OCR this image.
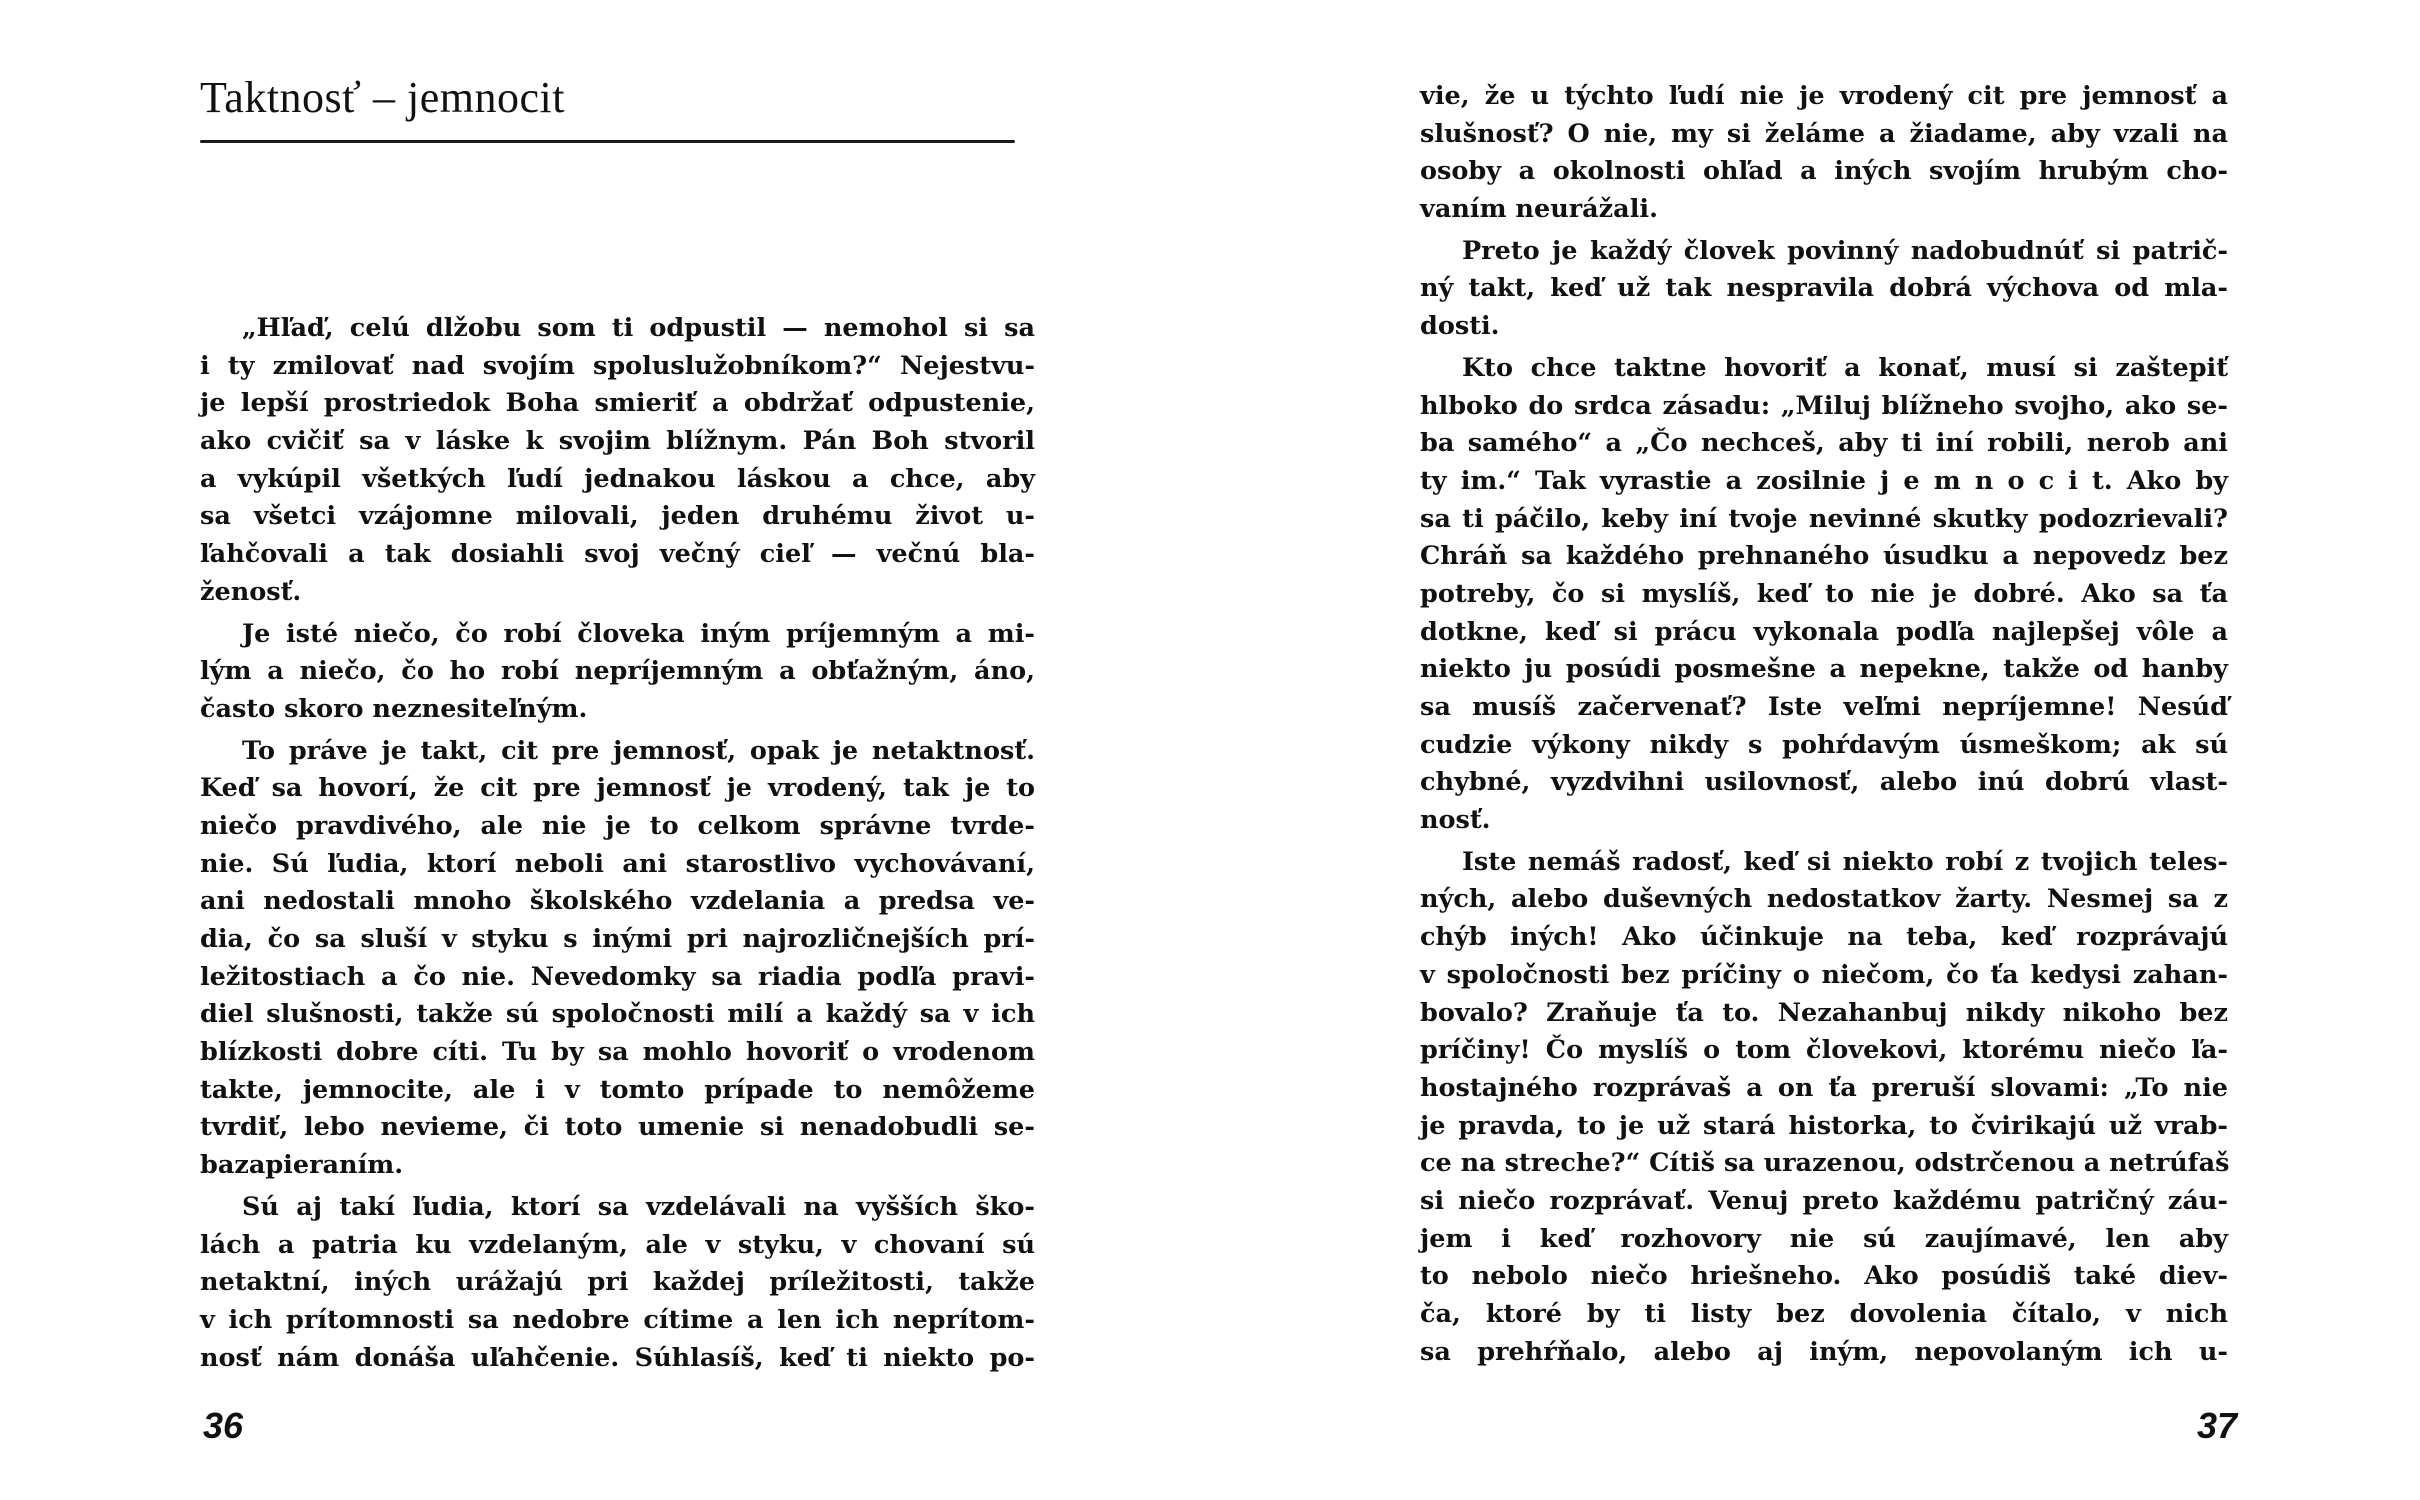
Taktnosť – jemnocit
„Hľaď, celú dlžobu som ti odpustil — nemohol si sa
i ty zmilovať nad svojím spoluslužobníkom?“ Nejestvu-
je lepší prostriedok Boha smieriť a obdržať odpustenie,
ako cvičiť sa v láske k svojim blížnym. Pán Boh stvoril
a vykúpil všetkých ľudí jednakou láskou a chce, aby
sa všetci vzájomne milovali, jeden druhému život u-
ľahčovali a tak dosiahli svoj večný cieľ — večnú bla-
ženosť.
Je isté niečo, čo robí človeka iným príjemným a mi-
lým a niečo, čo ho robí nepríjemným a obťažným, áno,
často skoro neznesiteľným.
To práve je takt, cit pre jemnosť, opak je netaktnosť.
Keď sa hovorí, že cit pre jemnosť je vrodený, tak je to
niečo pravdivého, ale nie je to celkom správne tvrde-
nie. Sú ľudia, ktorí neboli ani starostlivo vychovávaní,
ani nedostali mnoho školského vzdelania a predsa ve-
dia, čo sa sluší v styku s inými pri najrozličnejších prí-
ležitostiach a čo nie. Nevedomky sa riadia podľa pravi-
diel slušnosti, takže sú spoločnosti milí a každý sa v ich
blízkosti dobre cíti. Tu by sa mohlo hovoriť o vrodenom
takte, jemnocite, ale i v tomto prípade to nemôžeme
tvrdiť, lebo nevieme, či toto umenie si nenadobudli se-
bazapieraním.
Sú aj takí ľudia, ktorí sa vzdelávali na vyšších ško-
lách a patria ku vzdelaným, ale v styku, v chovaní sú
netaktní, iných urážajú pri každej príležitosti, takže
v ich prítomnosti sa nedobre cítime a len ich neprítom-
nosť nám donáša uľahčenie. Súhlasíš, keď ti niekto po-
36
vie, že u týchto ľudí nie je vrodený cit pre jemnosť a
slušnosť? O nie, my si želáme a žiadame, aby vzali na
osoby a okolnosti ohľad a iných svojím hrubým cho-
vaním neurážali.
Preto je každý človek povinný nadobudnúť si patrič-
ný takt, keď už tak nespravila dobrá výchova od mla-
dosti.
Kto chce taktne hovoriť a konať, musí si zaštepiť
hlboko do srdca zásadu: „Miluj blížneho svojho, ako se-
ba samého“ a „Čo nechceš, aby ti iní robili, nerob ani
ty im.“ Tak vyrastie a zosilnie j e m n o c i t. Ako by
sa ti páčilo, keby iní tvoje nevinné skutky podozrievali?
Chráň sa každého prehnaného úsudku a nepovedz bez
potreby, čo si myslíš, keď to nie je dobré. Ako sa ťa
dotkne, keď si prácu vykonala podľa najlepšej vôle a
niekto ju posúdi posmešne a nepekne, takže od hanby
sa musíš začervenať? Iste veľmi nepríjemne! Nesúď
cudzie výkony nikdy s pohŕdavým úsmeškom; ak sú
chybné, vyzdvihni usilovnosť, alebo inú dobrú vlast-
nosť.
Iste nemáš radosť, keď si niekto robí z tvojich teles-
ných, alebo duševných nedostatkov žarty. Nesmej sa z
chýb iných! Ako účinkuje na teba, keď rozprávajú
v spoločnosti bez príčiny o niečom, čo ťa kedysi zahan-
bovalo? Zraňuje ťa to. Nezahanbuj nikdy nikoho bez
príčiny! Čo myslíš o tom človekovi, ktorému niečo ľa-
hostajného rozprávaš a on ťa preruší slovami: „To nie
je pravda, to je už stará historka, to čvirikajú už vrab-
ce na streche?“ Cítiš sa urazenou, odstrčenou a netrúfaš
si niečo rozprávať. Venuj preto každému patričný záu-
jem i keď rozhovory nie sú zaujímavé, len aby
to nebolo niečo hriešneho. Ako posúdiš také diev-
ča, ktoré by ti listy bez dovolenia čítalo, v nich
sa prehŕňalo, alebo aj iným, nepovolaným ich u-
37
